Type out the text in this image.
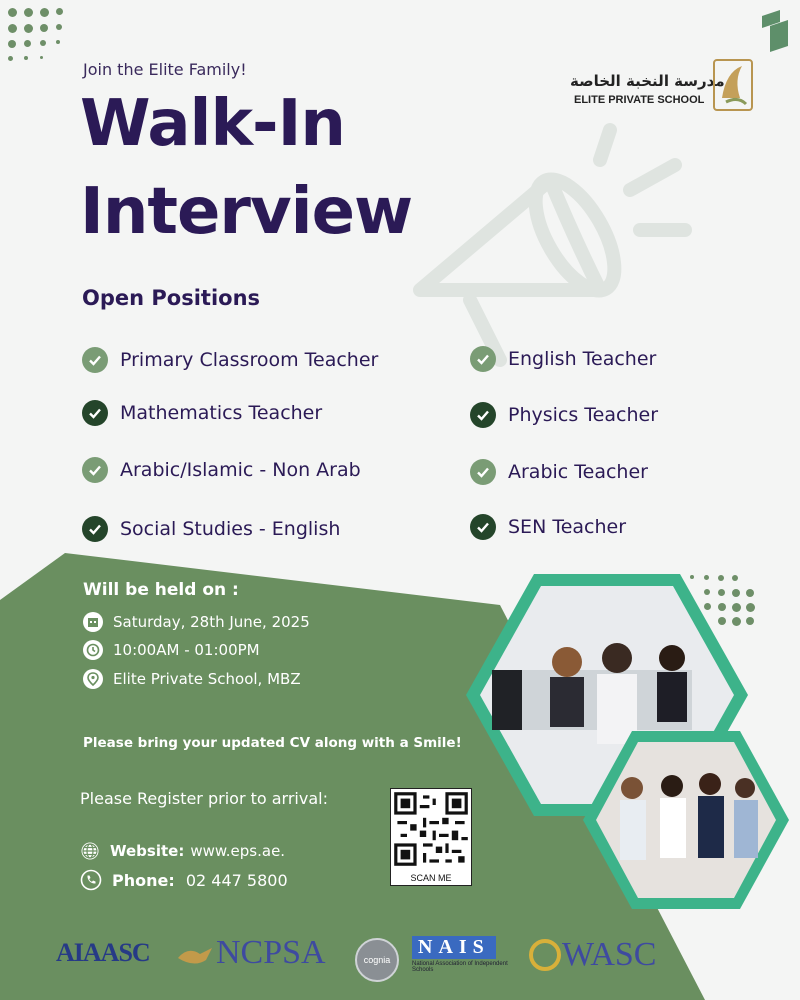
مدرسة النخبة الخاصة
ELITE PRIVATE SCHOOL
Join the Elite Family!
Walk-In
Interview
Open Positions
Primary Classroom Teacher
Mathematics Teacher
Arabic/Islamic - Non Arab
Social Studies - English
English Teacher
Physics Teacher
Arabic Teacher
SEN Teacher
Will be held on :
Saturday, 28th June, 2025
10:00AM - 01:00PM
Elite Private School, MBZ
Please bring your updated CV along with a Smile!
Please Register prior to arrival:
Website: www.eps.ae.
Phone: 02 447 5800	SCAN ME
AIAASC NCPSA	cognia
NAIS
National Association of Independent Schools	WASC
